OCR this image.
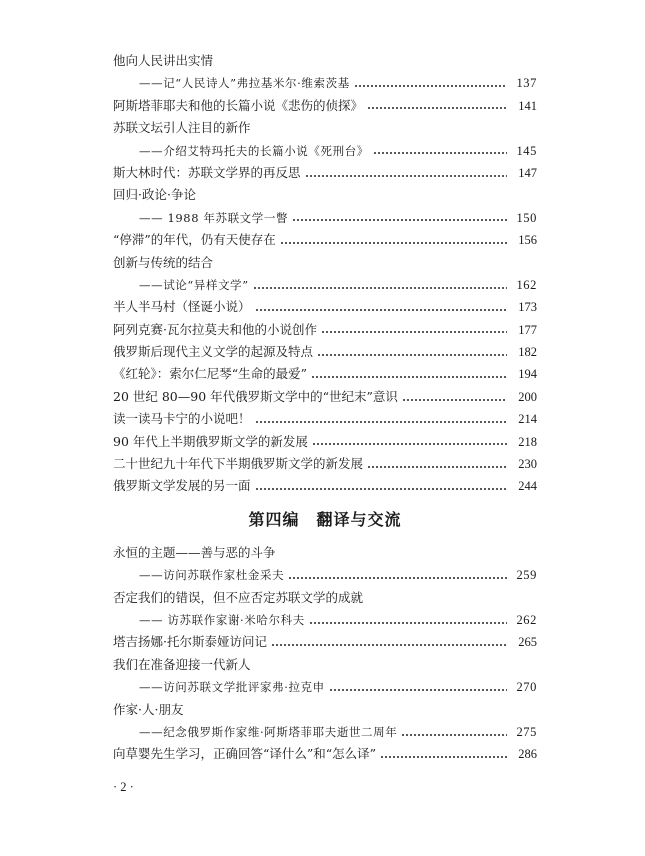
他向人民讲出实情
——记“人民诗人”弗拉基米尔·维索茨基	137
阿斯塔菲耶夫和他的长篇小说《悲伤的侦探》	141
苏联文坛引人注目的新作
——介绍艾特玛托夫的长篇小说《死刑台》	145
斯大林时代：苏联文学界的再反思	147
回归·政论·争论
—— 1988 年苏联文学一瞥	150
“停滞”的年代，仍有天使存在	156
创新与传统的结合
——试论“异样文学”	162
半人半马村（怪诞小说）	173
阿列克赛·瓦尔拉莫夫和他的小说创作	177
俄罗斯后现代主义文学的起源及特点	182
《红轮》：索尔仁尼琴“生命的最爱”	194
20 世纪 80—90 年代俄罗斯文学中的“世纪末”意识	200
读一读马卡宁的小说吧！	214
90 年代上半期俄罗斯文学的新发展	218
二十世纪九十年代下半期俄罗斯文学的新发展	230
俄罗斯文学发展的另一面	244
第四编　翻译与交流
永恒的主题——善与恶的斗争
——访问苏联作家杜金采夫	259
否定我们的错误，但不应否定苏联文学的成就
—— 访苏联作家谢·米哈尔科夫	262
塔吉扬娜·托尔斯泰娅访问记	265
我们在准备迎接一代新人
——访问苏联文学批评家弗·拉克申	270
作家·人·朋友
——纪念俄罗斯作家维·阿斯塔菲耶夫逝世二周年	275
向草婴先生学习，正确回答“译什么”和“怎么译”	286
· 2 ·
